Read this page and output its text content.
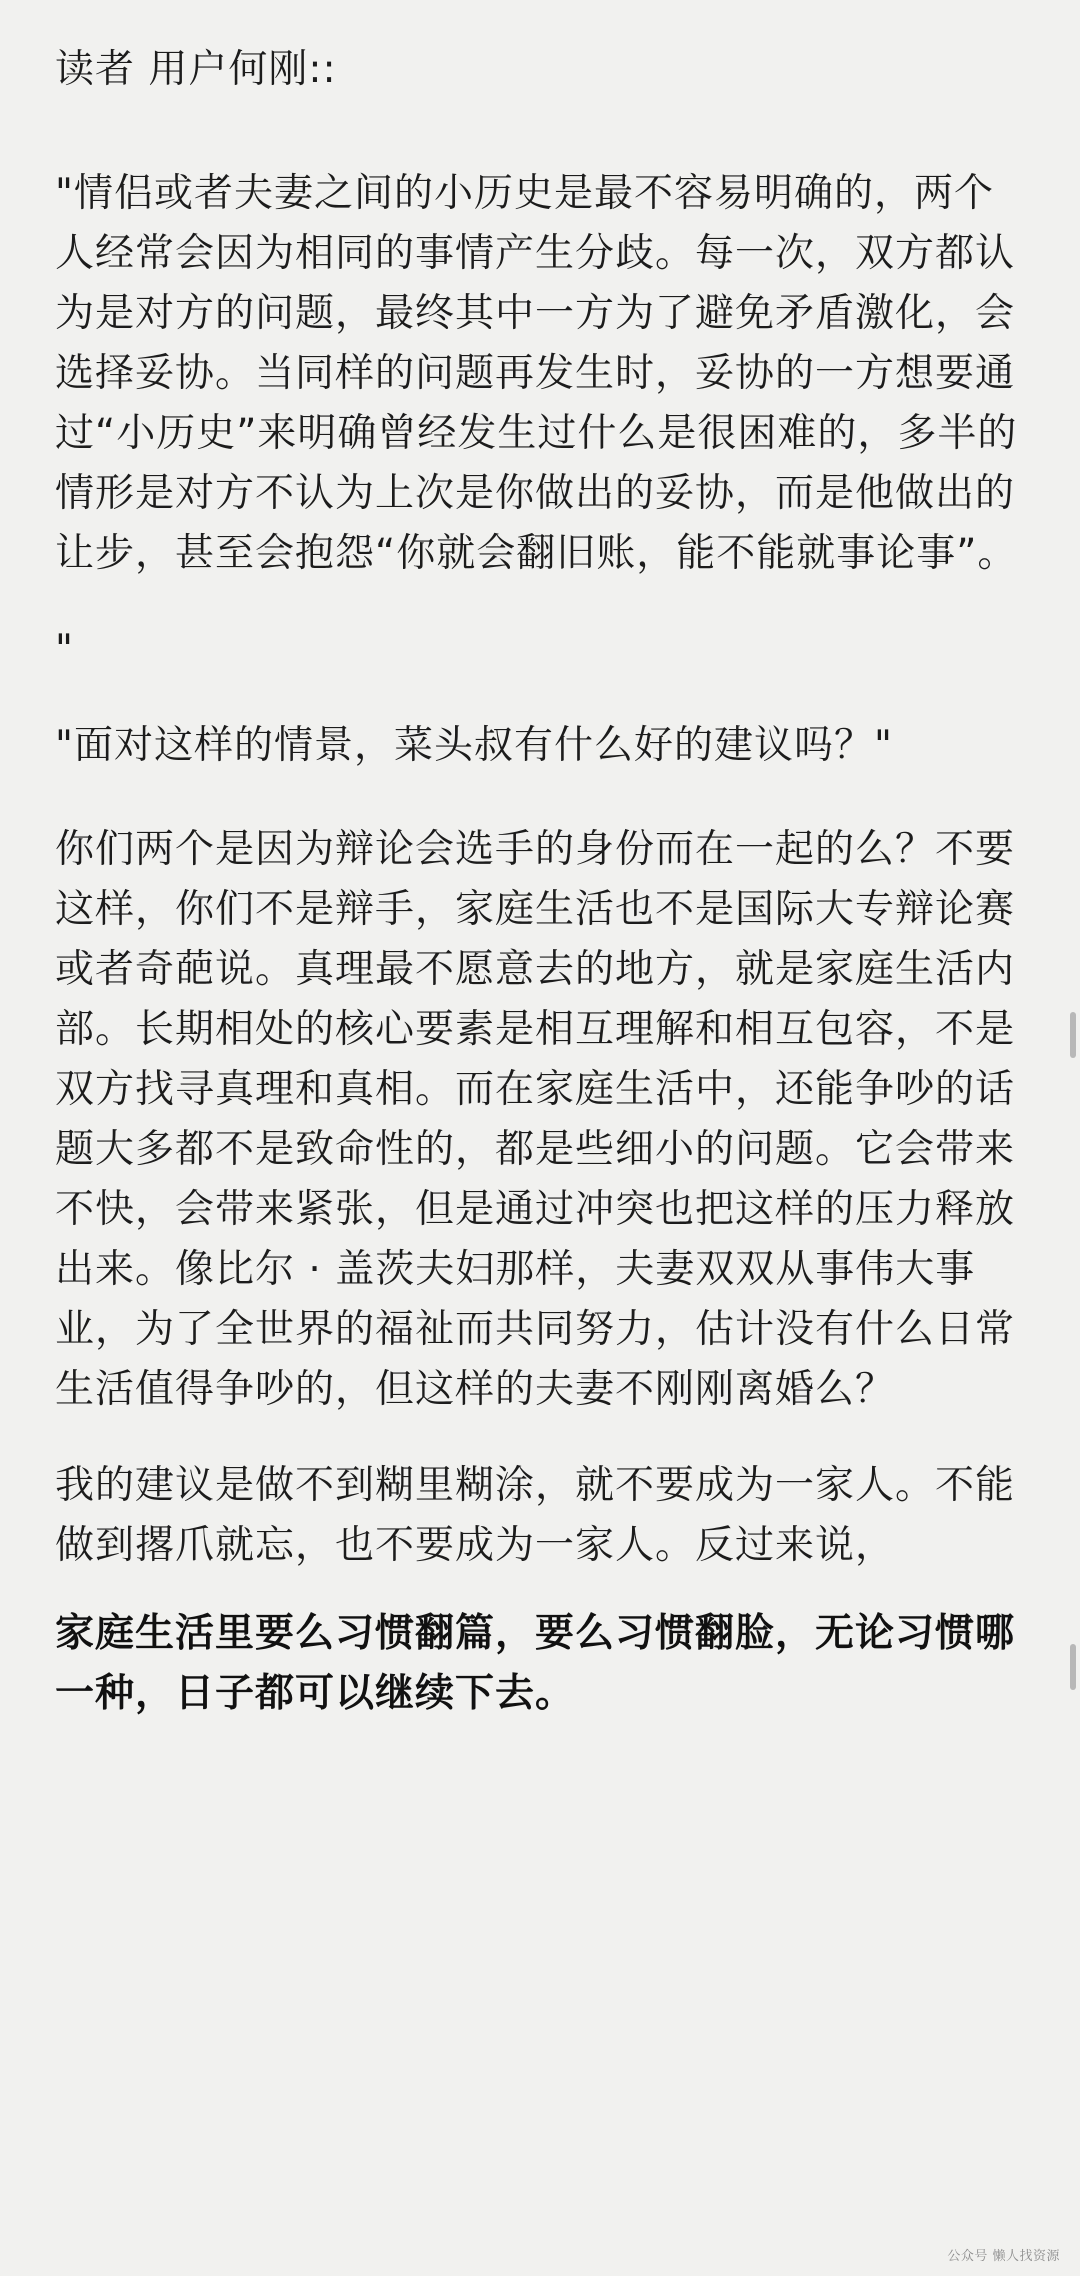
读者 用户何刚::

"情侣或者夫妻之间的小历史是最不容易明确的，两个人经常会因为相同的事情产生分歧。每一次，双方都认为是对方的问题，最终其中一方为了避免矛盾激化，会选择妥协。当同样的问题再发生时，妥协的一方想要通过“小历史”来明确曾经发生过什么是很困难的，多半的情形是对方不认为上次是你做出的妥协，而是他做出的让步，甚至会抱怨“你就会翻旧账，能不能就事论事”。

"

"面对这样的情景，菜头叔有什么好的建议吗？"

你们两个是因为辩论会选手的身份而在一起的么？不要这样，你们不是辩手，家庭生活也不是国际大专辩论赛或者奇葩说。真理最不愿意去的地方，就是家庭生活内部。长期相处的核心要素是相互理解和相互包容，不是双方找寻真理和真相。而在家庭生活中，还能争吵的话题大多都不是致命性的，都是些细小的问题。它会带来不快，会带来紧张，但是通过冲突也把这样的压力释放出来。像比尔 · 盖茨夫妇那样，夫妻双双从事伟大事业，为了全世界的福祉而共同努力，估计没有什么日常生活值得争吵的，但这样的夫妻不刚刚离婚么？

我的建议是做不到糊里糊涂，就不要成为一家人。不能做到撂爪就忘，也不要成为一家人。反过来说，

家庭生活里要么习惯翻篇，要么习惯翻脸，无论习惯哪一种，日子都可以继续下去。

公众号 懒人找资源
